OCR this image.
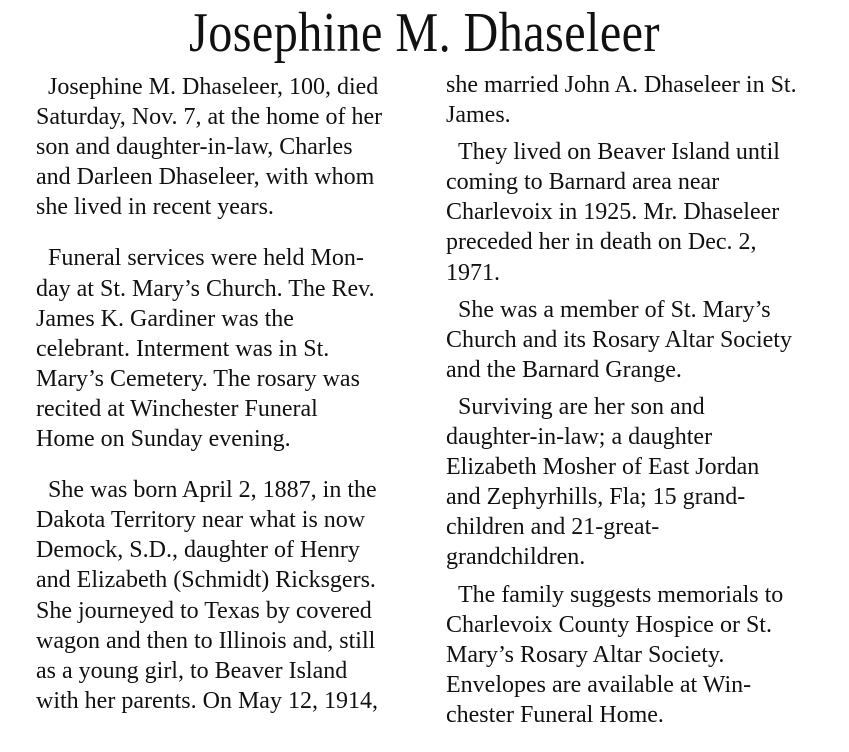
Josephine M. Dhaseleer

Josephine M. Dhaseleer, 100, died
Saturday, Nov. 7, at the home of her
son and daughter-in-law, Charles
and Darleen Dhaseleer, with whom
she lived in recent years.

Funeral services were held Mon-
day at St. Mary’s Church. The Rev.
James K. Gardiner was the
celebrant. Interment was in St.
Mary’s Cemetery. The rosary was
recited at Winchester Funeral
Home on Sunday evening.

She was born April 2, 1887, in the
Dakota Territory near what is now
Demock, S.D., daughter of Henry
and Elizabeth (Schmidt) Ricksgers.
She journeyed to Texas by covered
wagon and then to Illinois and, still
as a young girl, to Beaver Island
with her parents. On May 12, 1914,

she married John A. Dhaseleer in St.
James.

They lived on Beaver Island until
coming to Barnard area near
Charlevoix in 1925. Mr. Dhaseleer
preceded her in death on Dec. 2,
1971.

She was a member of St. Mary’s
Church and its Rosary Altar Society
and the Barnard Grange.

Surviving are her son and
daughter-in-law; a daughter
Elizabeth Mosher of East Jordan
and Zephyrhills, Fla; 15 grand-
children and 21-great-
grandchildren.

The family suggests memorials to
Charlevoix County Hospice or St.
Mary’s Rosary Altar Society.
Envelopes are available at Win-
chester Funeral Home.
